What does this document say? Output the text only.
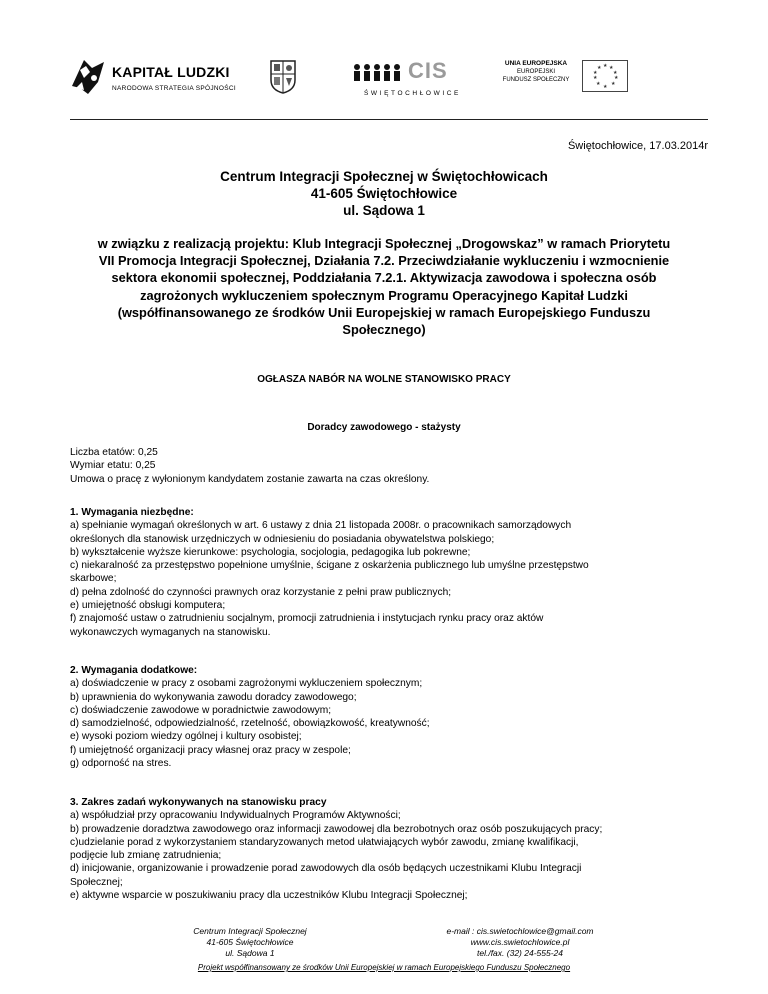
KAPITAŁ LUDZKI
NARODOWA STRATEGIA SPÓJNOŚCI
CIS
ŚWIĘTOCHŁOWICE
UNIA EUROPEJSKA
EUROPEJSKI
FUNDUSZ SPOŁECZNY
★ ★
★
★
★
★
★
★
★
★
Świętochłowice, 17.03.2014r
Centrum Integracji Społecznej w Świętochłowicach
41-605 Świętochłowice
ul. Sądowa 1
w związku z realizacją projektu: Klub Integracji Społecznej „Drogowskaz” w ramach Priorytetu
VII Promocja Integracji Społecznej, Działania 7.2. Przeciwdziałanie wykluczeniu i wzmocnienie
sektora ekonomii społecznej, Poddziałania 7.2.1. Aktywizacja zawodowa i społeczna osób
zagrożonych wykluczeniem społecznym Programu Operacyjnego Kapitał Ludzki
(współfinansowanego ze środków Unii Europejskiej w ramach Europejskiego Funduszu
Społecznego)
OGŁASZA NABÓR NA WOLNE STANOWISKO PRACY
Doradcy zawodowego - stażysty
Liczba etatów: 0,25
Wymiar etatu: 0,25
Umowa o pracę z wyłonionym kandydatem zostanie zawarta na czas określony.
1. Wymagania niezbędne:
a) spełnianie wymagań określonych w art. 6 ustawy z dnia 21 listopada 2008r. o pracownikach samorządowych
określonych dla stanowisk urzędniczych w odniesieniu do posiadania obywatelstwa polskiego;
b) wykształcenie wyższe kierunkowe: psychologia, socjologia, pedagogika lub pokrewne;
c) niekaralność za przestępstwo popełnione umyślnie, ścigane z oskarżenia publicznego lub umyślne przestępstwo
skarbowe;
d) pełna zdolność do czynności prawnych oraz korzystanie z pełni praw publicznych;
e) umiejętność obsługi komputera;
f) znajomość ustaw o zatrudnieniu socjalnym, promocji zatrudnienia i instytucjach rynku pracy oraz aktów
wykonawczych wymaganych na stanowisku.
2. Wymagania dodatkowe:
a) doświadczenie w pracy z osobami zagrożonymi wykluczeniem społecznym;
b) uprawnienia do wykonywania zawodu doradcy zawodowego;
c) doświadczenie zawodowe w poradnictwie zawodowym;
d) samodzielność, odpowiedzialność, rzetelność, obowiązkowość, kreatywność;
e) wysoki poziom wiedzy ogólnej i kultury osobistej;
f) umiejętność organizacji pracy własnej oraz pracy w zespole;
g) odporność na stres.
3. Zakres zadań wykonywanych na stanowisku pracy
a) współudział przy opracowaniu Indywidualnych Programów Aktywności;
b) prowadzenie doradztwa zawodowego oraz informacji zawodowej dla bezrobotnych oraz osób poszukujących pracy;
c)udzielanie porad z wykorzystaniem standaryzowanych metod ułatwiających wybór zawodu, zmianę kwalifikacji,
podjęcie lub zmianę zatrudnienia;
d) inicjowanie, organizowanie i prowadzenie porad zawodowych dla osób będących uczestnikami Klubu Integracji
Społecznej;
e) aktywne wsparcie w poszukiwaniu pracy dla uczestników Klubu Integracji Społecznej;
Centrum Integracji Społecznej
41-605 Świętochłowice
ul. Sądowa 1
e-mail : cis.swietochlowice@gmail.com
www.cis.swietochlowice.pl
tel./fax. (32) 24-555-24
Projekt współfinansowany ze środków Unii Europejskiej w ramach Europejskiego Funduszu Społecznego
